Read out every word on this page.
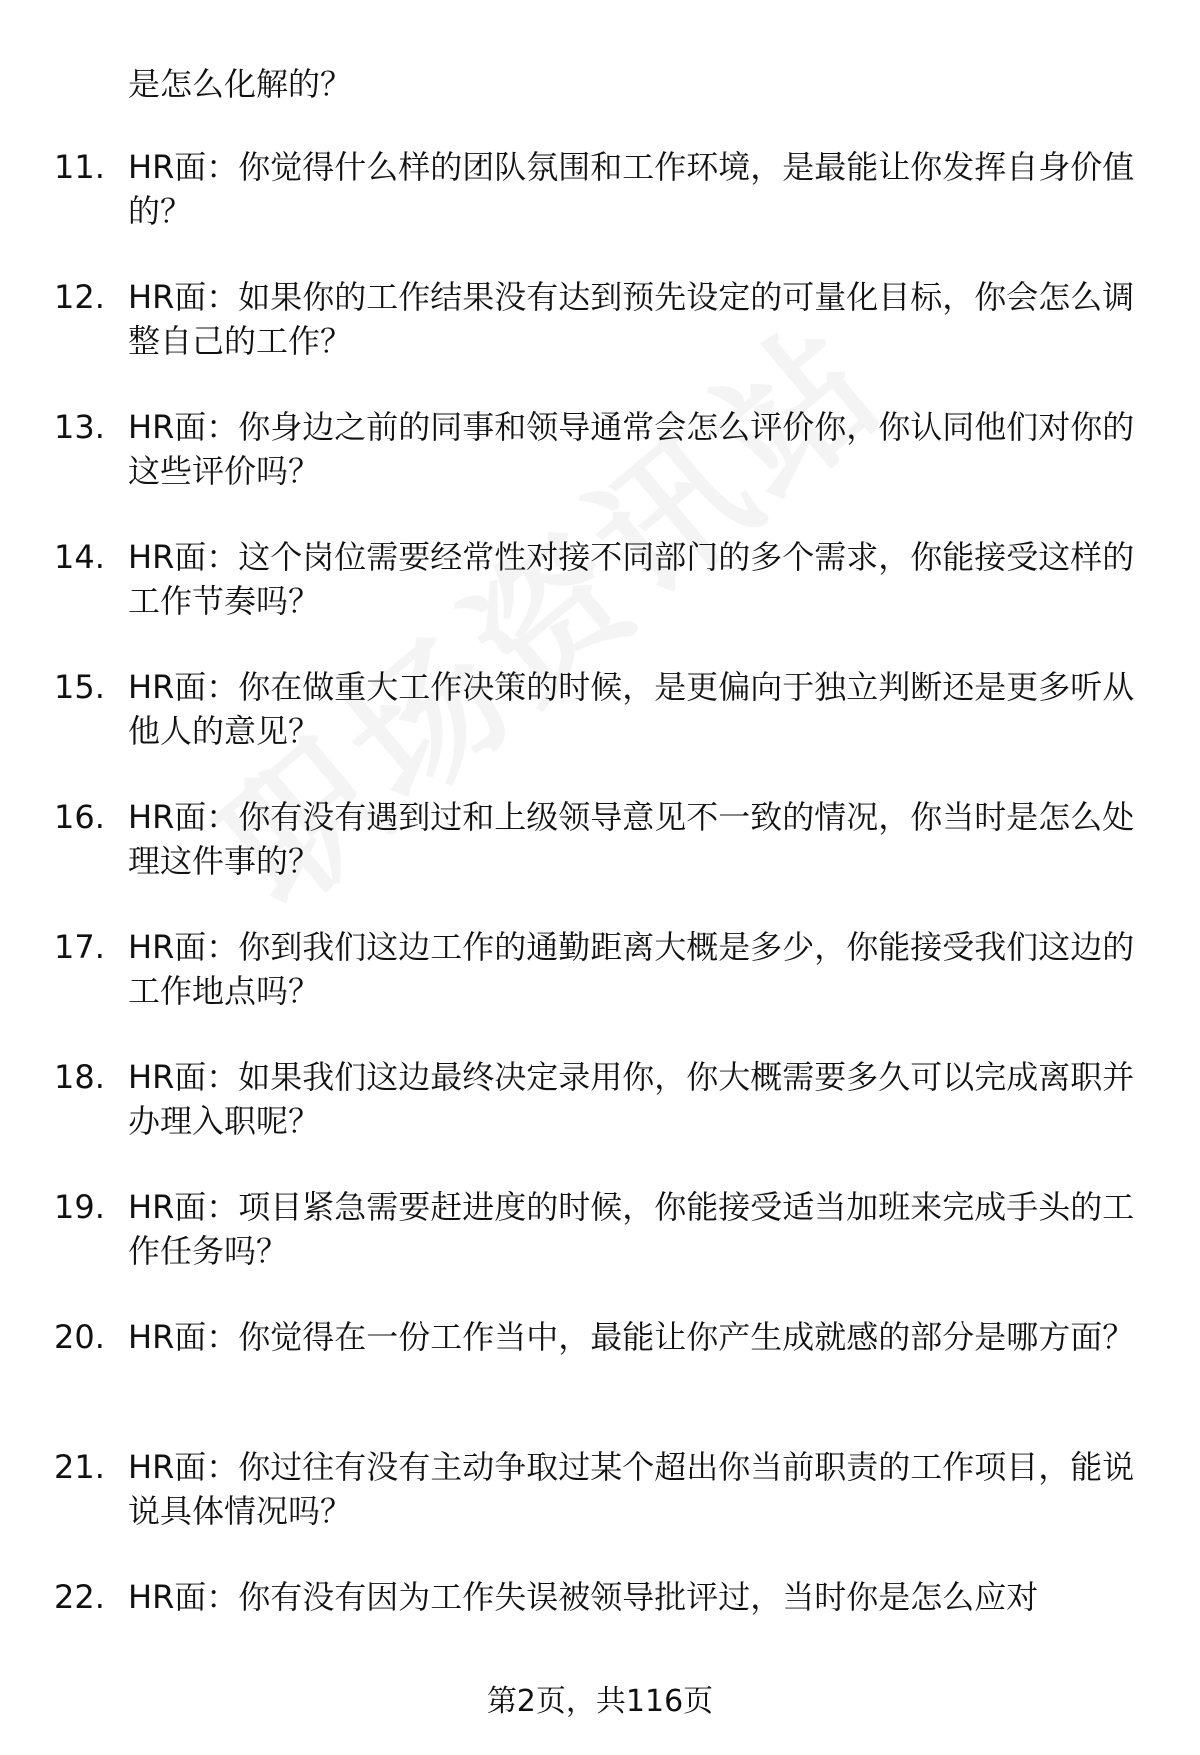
是怎么化解的？
11. HR面：你觉得什么样的团队氛围和工作环境，是最能让你发挥自身价值的？
12. HR面：如果你的工作结果没有达到预先设定的可量化目标，你会怎么调整自己的工作？
13. HR面：你身边之前的同事和领导通常会怎么评价你，你认同他们对你的这些评价吗？
14. HR面：这个岗位需要经常性对接不同部门的多个需求，你能接受这样的工作节奏吗？
15. HR面：你在做重大工作决策的时候，是更偏向于独立判断还是更多听从他人的意见？
16. HR面：你有没有遇到过和上级领导意见不一致的情况，你当时是怎么处理这件事的？
17. HR面：你到我们这边工作的通勤距离大概是多少，你能接受我们这边的工作地点吗？
18. HR面：如果我们这边最终决定录用你，你大概需要多久可以完成离职并办理入职呢？
19. HR面：项目紧急需要赶进度的时候，你能接受适当加班来完成手头的工作任务吗？
20. HR面：你觉得在一份工作当中，最能让你产生成就感的部分是哪方面？
21. HR面：你过往有没有主动争取过某个超出你当前职责的工作项目，能说说具体情况吗？
22. HR面：你有没有因为工作失误被领导批评过，当时你是怎么应对
第2页，共116页
